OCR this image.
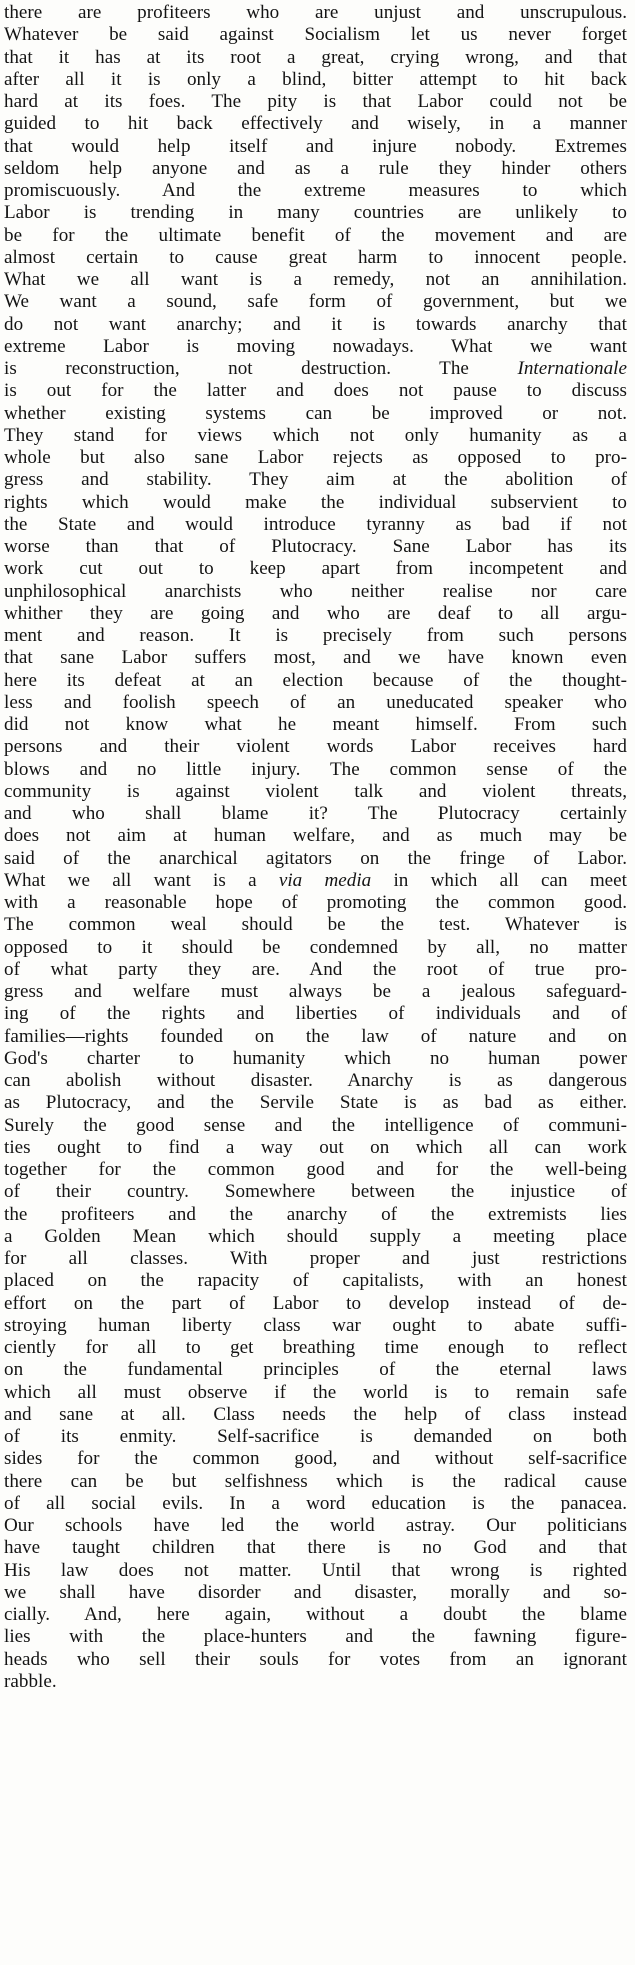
there are profiteers who are unjust and unscrupulous.
Whatever be said against Socialism let us never forget
that it has at its root a great, crying wrong, and that
after all it is only a blind, bitter attempt to hit back
hard at its foes. The pity is that Labor could not be
guided to hit back effectively and wisely, in a manner
that would help itself and injure nobody. Extremes
seldom help anyone and as a rule they hinder others
promiscuously. And the extreme measures to which
Labor is trending in many countries are unlikely to
be for the ultimate benefit of the movement and are
almost certain to cause great harm to innocent people.
What we all want is a remedy, not an annihilation.
We want a sound, safe form of government, but we
do not want anarchy; and it is towards anarchy that
extreme Labor is moving nowadays. What we want
is reconstruction, not destruction. The Internationale
is out for the latter and does not pause to discuss
whether existing systems can be improved or not.
They stand for views which not only humanity as a
whole but also sane Labor rejects as opposed to pro-
gress and stability. They aim at the abolition of
rights which would make the individual subservient to
the State and would introduce tyranny as bad if not
worse than that of Plutocracy. Sane Labor has its
work cut out to keep apart from incompetent and
unphilosophical anarchists who neither realise nor care
whither they are going and who are deaf to all argu-
ment and reason. It is precisely from such persons
that sane Labor suffers most, and we have known even
here its defeat at an election because of the thought-
less and foolish speech of an uneducated speaker who
did not know what he meant himself. From such
persons and their violent words Labor receives hard
blows and no little injury. The common sense of the
community is against violent talk and violent threats,
and who shall blame it? The Plutocracy certainly
does not aim at human welfare, and as much may be
said of the anarchical agitators on the fringe of Labor.
What we all want is a via media in which all can meet
with a reasonable hope of promoting the common good.
The common weal should be the test. Whatever is
opposed to it should be condemned by all, no matter
of what party they are. And the root of true pro-
gress and welfare must always be a jealous safeguard-
ing of the rights and liberties of individuals and of
families—rights founded on the law of nature and on
God's charter to humanity which no human power
can abolish without disaster. Anarchy is as dangerous
as Plutocracy, and the Servile State is as bad as either.
Surely the good sense and the intelligence of communi-
ties ought to find a way out on which all can work
together for the common good and for the well-being
of their country. Somewhere between the injustice of
the profiteers and the anarchy of the extremists lies
a Golden Mean which should supply a meeting place
for all classes. With proper and just restrictions
placed on the rapacity of capitalists, with an honest
effort on the part of Labor to develop instead of de-
stroying human liberty class war ought to abate suffi-
ciently for all to get breathing time enough to reflect
on the fundamental principles of the eternal laws
which all must observe if the world is to remain safe
and sane at all. Class needs the help of class instead
of its enmity. Self-sacrifice is demanded on both
sides for the common good, and without self-sacrifice
there can be but selfishness which is the radical cause
of all social evils. In a word education is the panacea.
Our schools have led the world astray. Our politicians
have taught children that there is no God and that
His law does not matter. Until that wrong is righted
we shall have disorder and disaster, morally and so-
cially. And, here again, without a doubt the blame
lies with the place-hunters and the fawning figure-
heads who sell their souls for votes from an ignorant
rabble.
